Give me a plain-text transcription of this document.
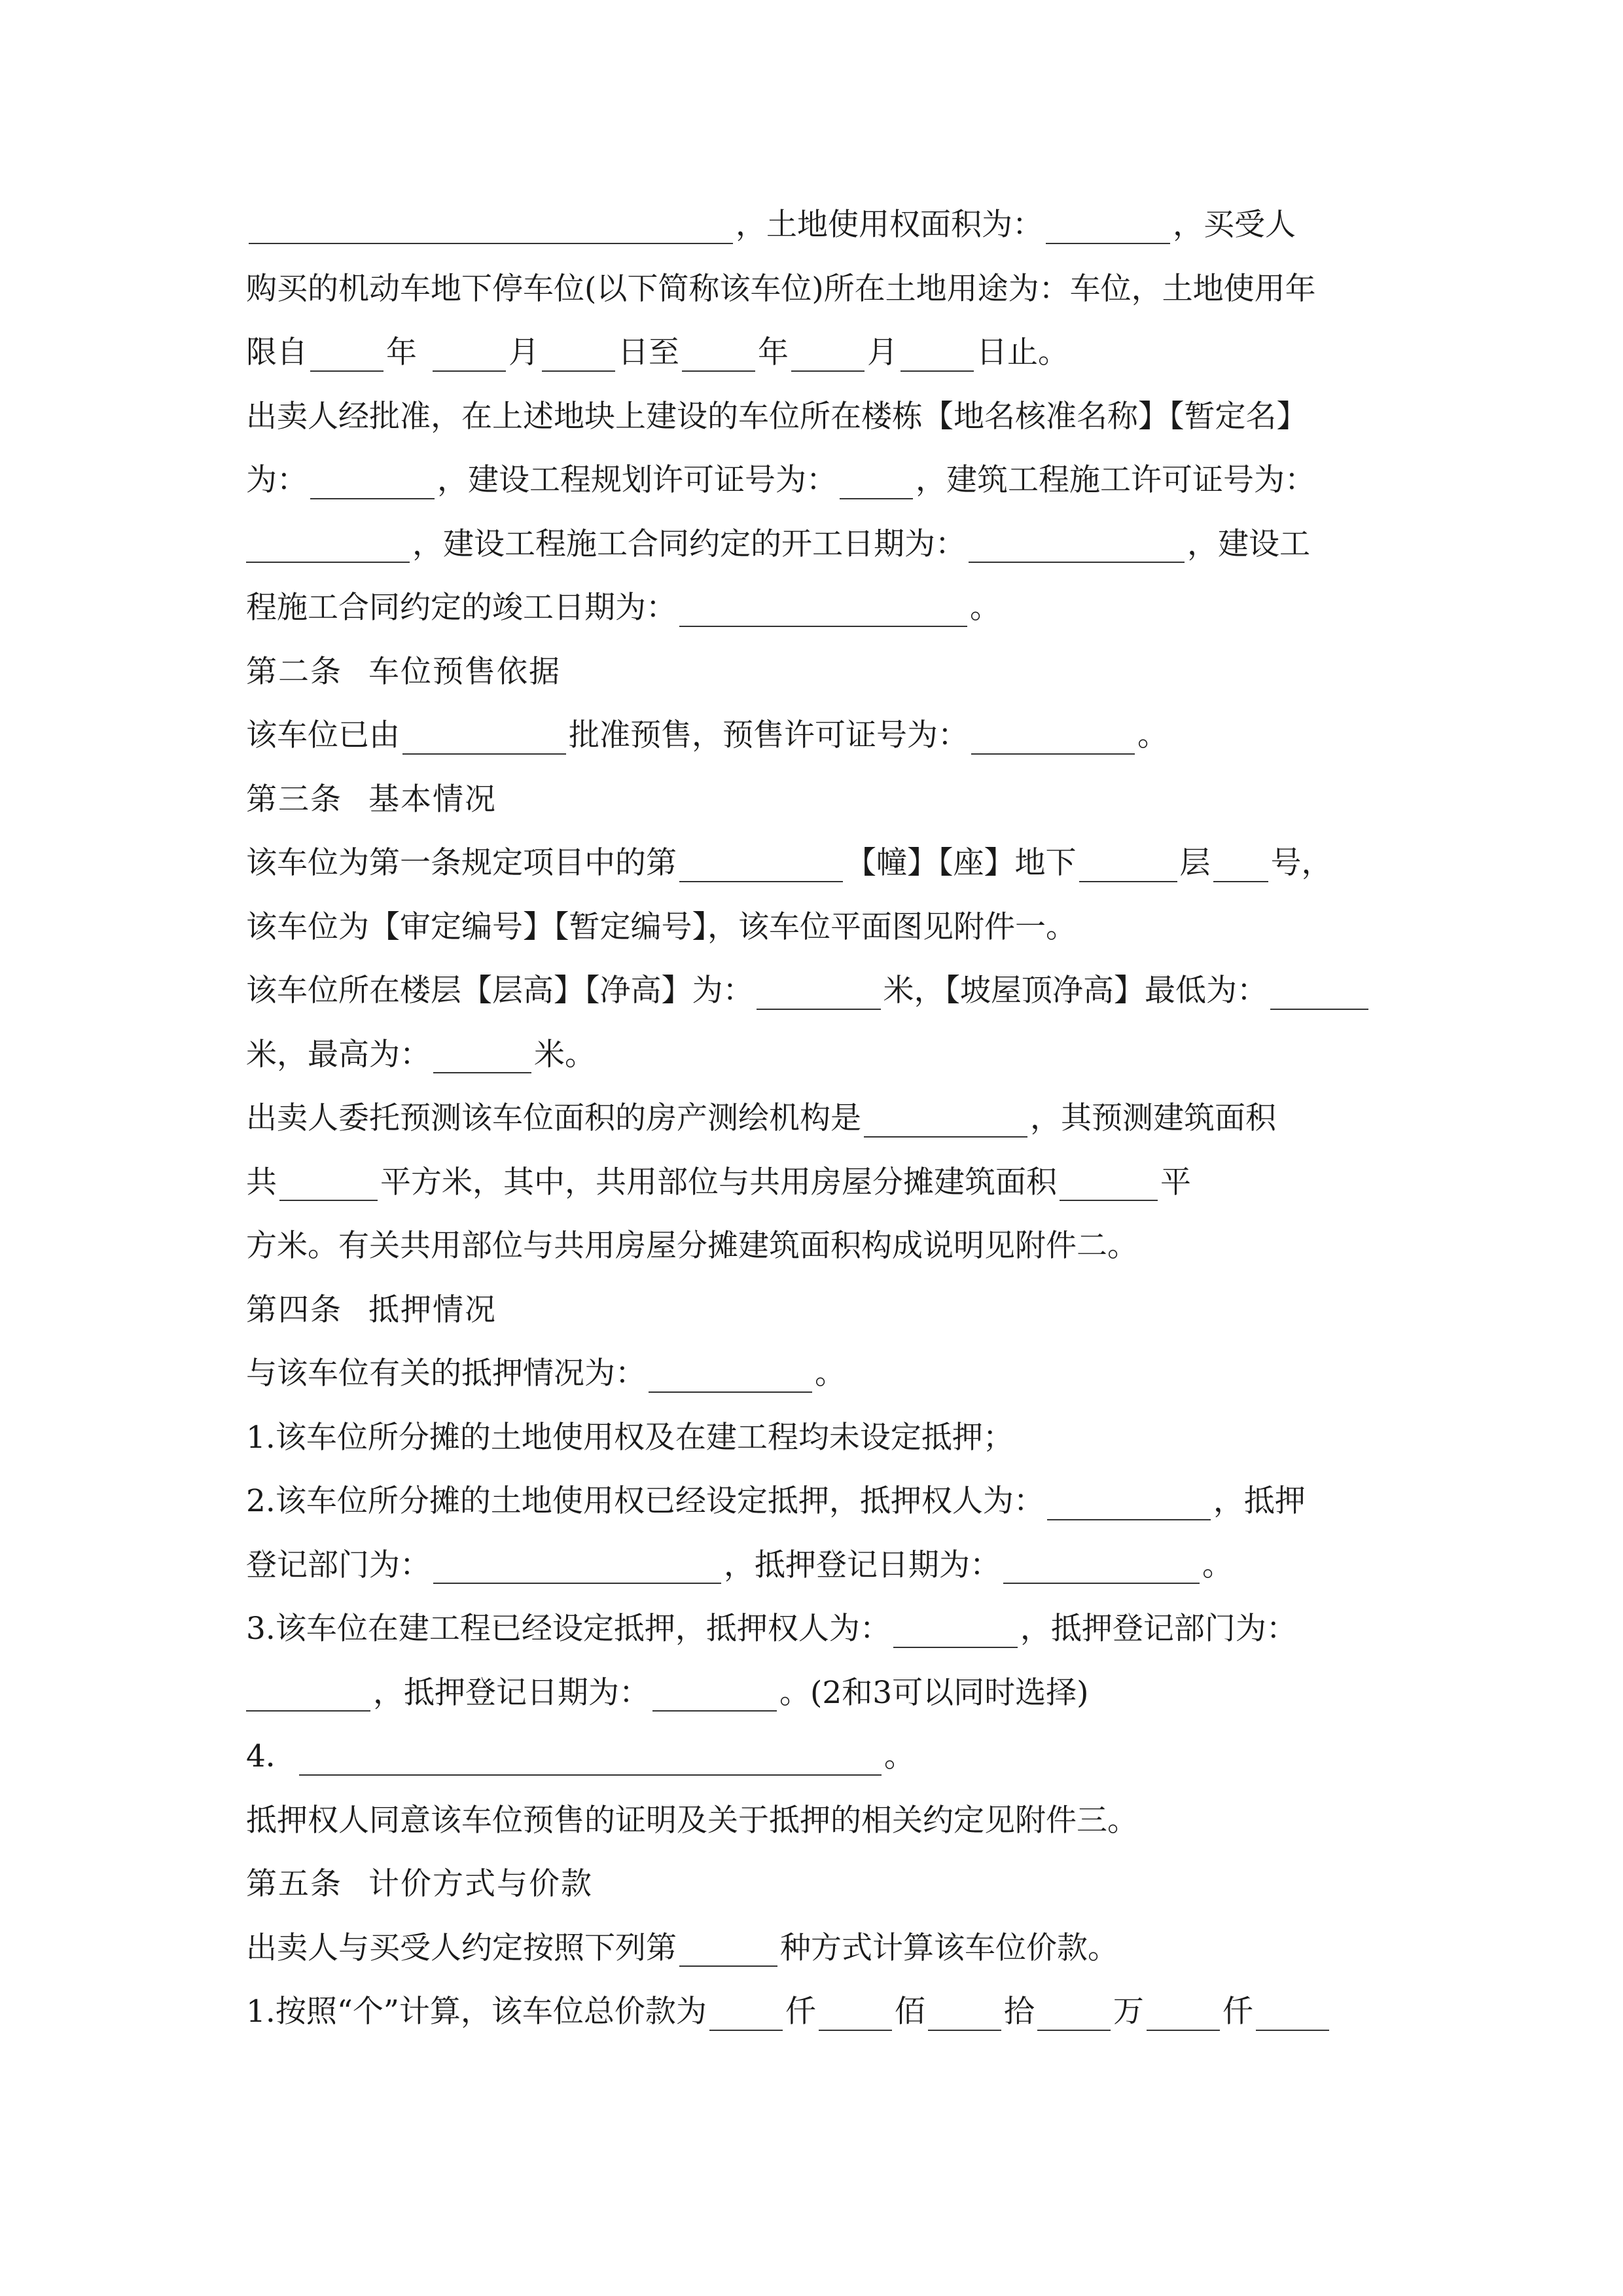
，土地使用权面积为：	，买受人
购买的机动车地下停车位(以下简称该车位)所在土地用途为：车位，土地使用年
限自	年	月	日至	年	月	日止。
出卖人经批准，在上述地块上建设的车位所在楼栋【地名核准名称】【暂定名】
为：	，建设工程规划许可证号为：	，建筑工程施工许可证号为：
，建设工程施工合同约定的开工日期为：	，建设工
程施工合同约定的竣工日期为：	。
第二条 车位预售依据
该车位已由	批准预售，预售许可证号为：	。
第三条 基本情况
该车位为第一条规定项目中的第	【幢】【座】地下	层 号，
该车位为【审定编号】【暂定编号】，该车位平面图见附件一。
该车位所在楼层【层高】【净高】为：	米，【坡屋顶净高】最低为：
米，最高为：	米。
出卖人委托预测该车位面积的房产测绘机构是	，其预测建筑面积
共	平方米，其中，共用部位与共用房屋分摊建筑面积	平
方米。有关共用部位与共用房屋分摊建筑面积构成说明见附件二。
第四条 抵押情况
与该车位有关的抵押情况为：	。
1.该车位所分摊的土地使用权及在建工程均未设定抵押；
2.该车位所分摊的土地使用权已经设定抵押，抵押权人为：	，抵押
登记部门为：	，抵押登记日期为：	。
3.该车位在建工程已经设定抵押，抵押权人为：	，抵押登记部门为：
，抵押登记日期为：	。(2和3可以同时选择)
4．	。
抵押权人同意该车位预售的证明及关于抵押的相关约定见附件三。
第五条 计价方式与价款
出卖人与买受人约定按照下列第	种方式计算该车位价款。
1.按照“个”计算，该车位总价款为	仟	佰	拾	万	仟
